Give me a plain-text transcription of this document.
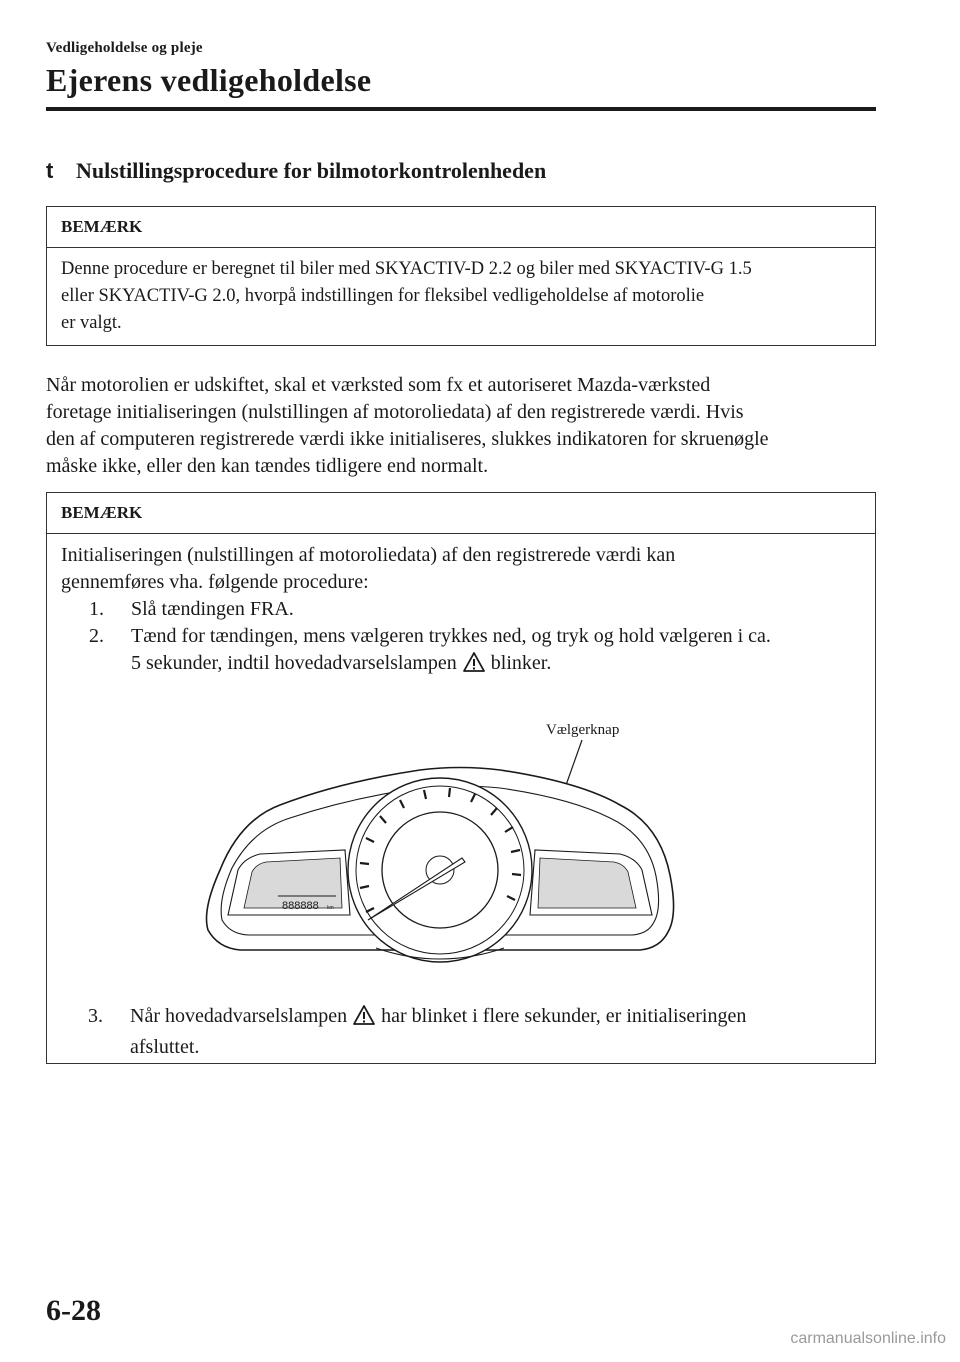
Vedligeholdelse og pleje
Ejerens vedligeholdelse
t Nulstillingsprocedure for bilmotorkontrolenheden
BEMÆRK
Denne procedure er beregnet til biler med SKYACTIV-D 2.2 og biler med SKYACTIV-G 1.5
eller SKYACTIV-G 2.0, hvorpå indstillingen for fleksibel vedligeholdelse af motorolie
er valgt.
Når motorolien er udskiftet, skal et værksted som fx et autoriseret Mazda-værksted
foretage initialiseringen (nulstillingen af motoroliedata) af den registrerede værdi. Hvis
den af computeren registrerede værdi ikke initialiseres, slukkes indikatoren for skruenøgle
måske ikke, eller den kan tændes tidligere end normalt.
BEMÆRK
Initialiseringen (nulstillingen af motoroliedata) af den registrerede værdi kan
gennemføres vha. følgende procedure:
1. Slå tændingen FRA.
2. Tænd for tændingen, mens vælgeren trykkes ned, og tryk og hold vælgeren i ca.
5 sekunder, indtil hovedadvarselslampen blinker.
Vælgerknap
888888 km
3. Når hovedadvarselslampen har blinket i flere sekunder, er initialiseringen
afsluttet.
6-28
carmanualsonline.info
